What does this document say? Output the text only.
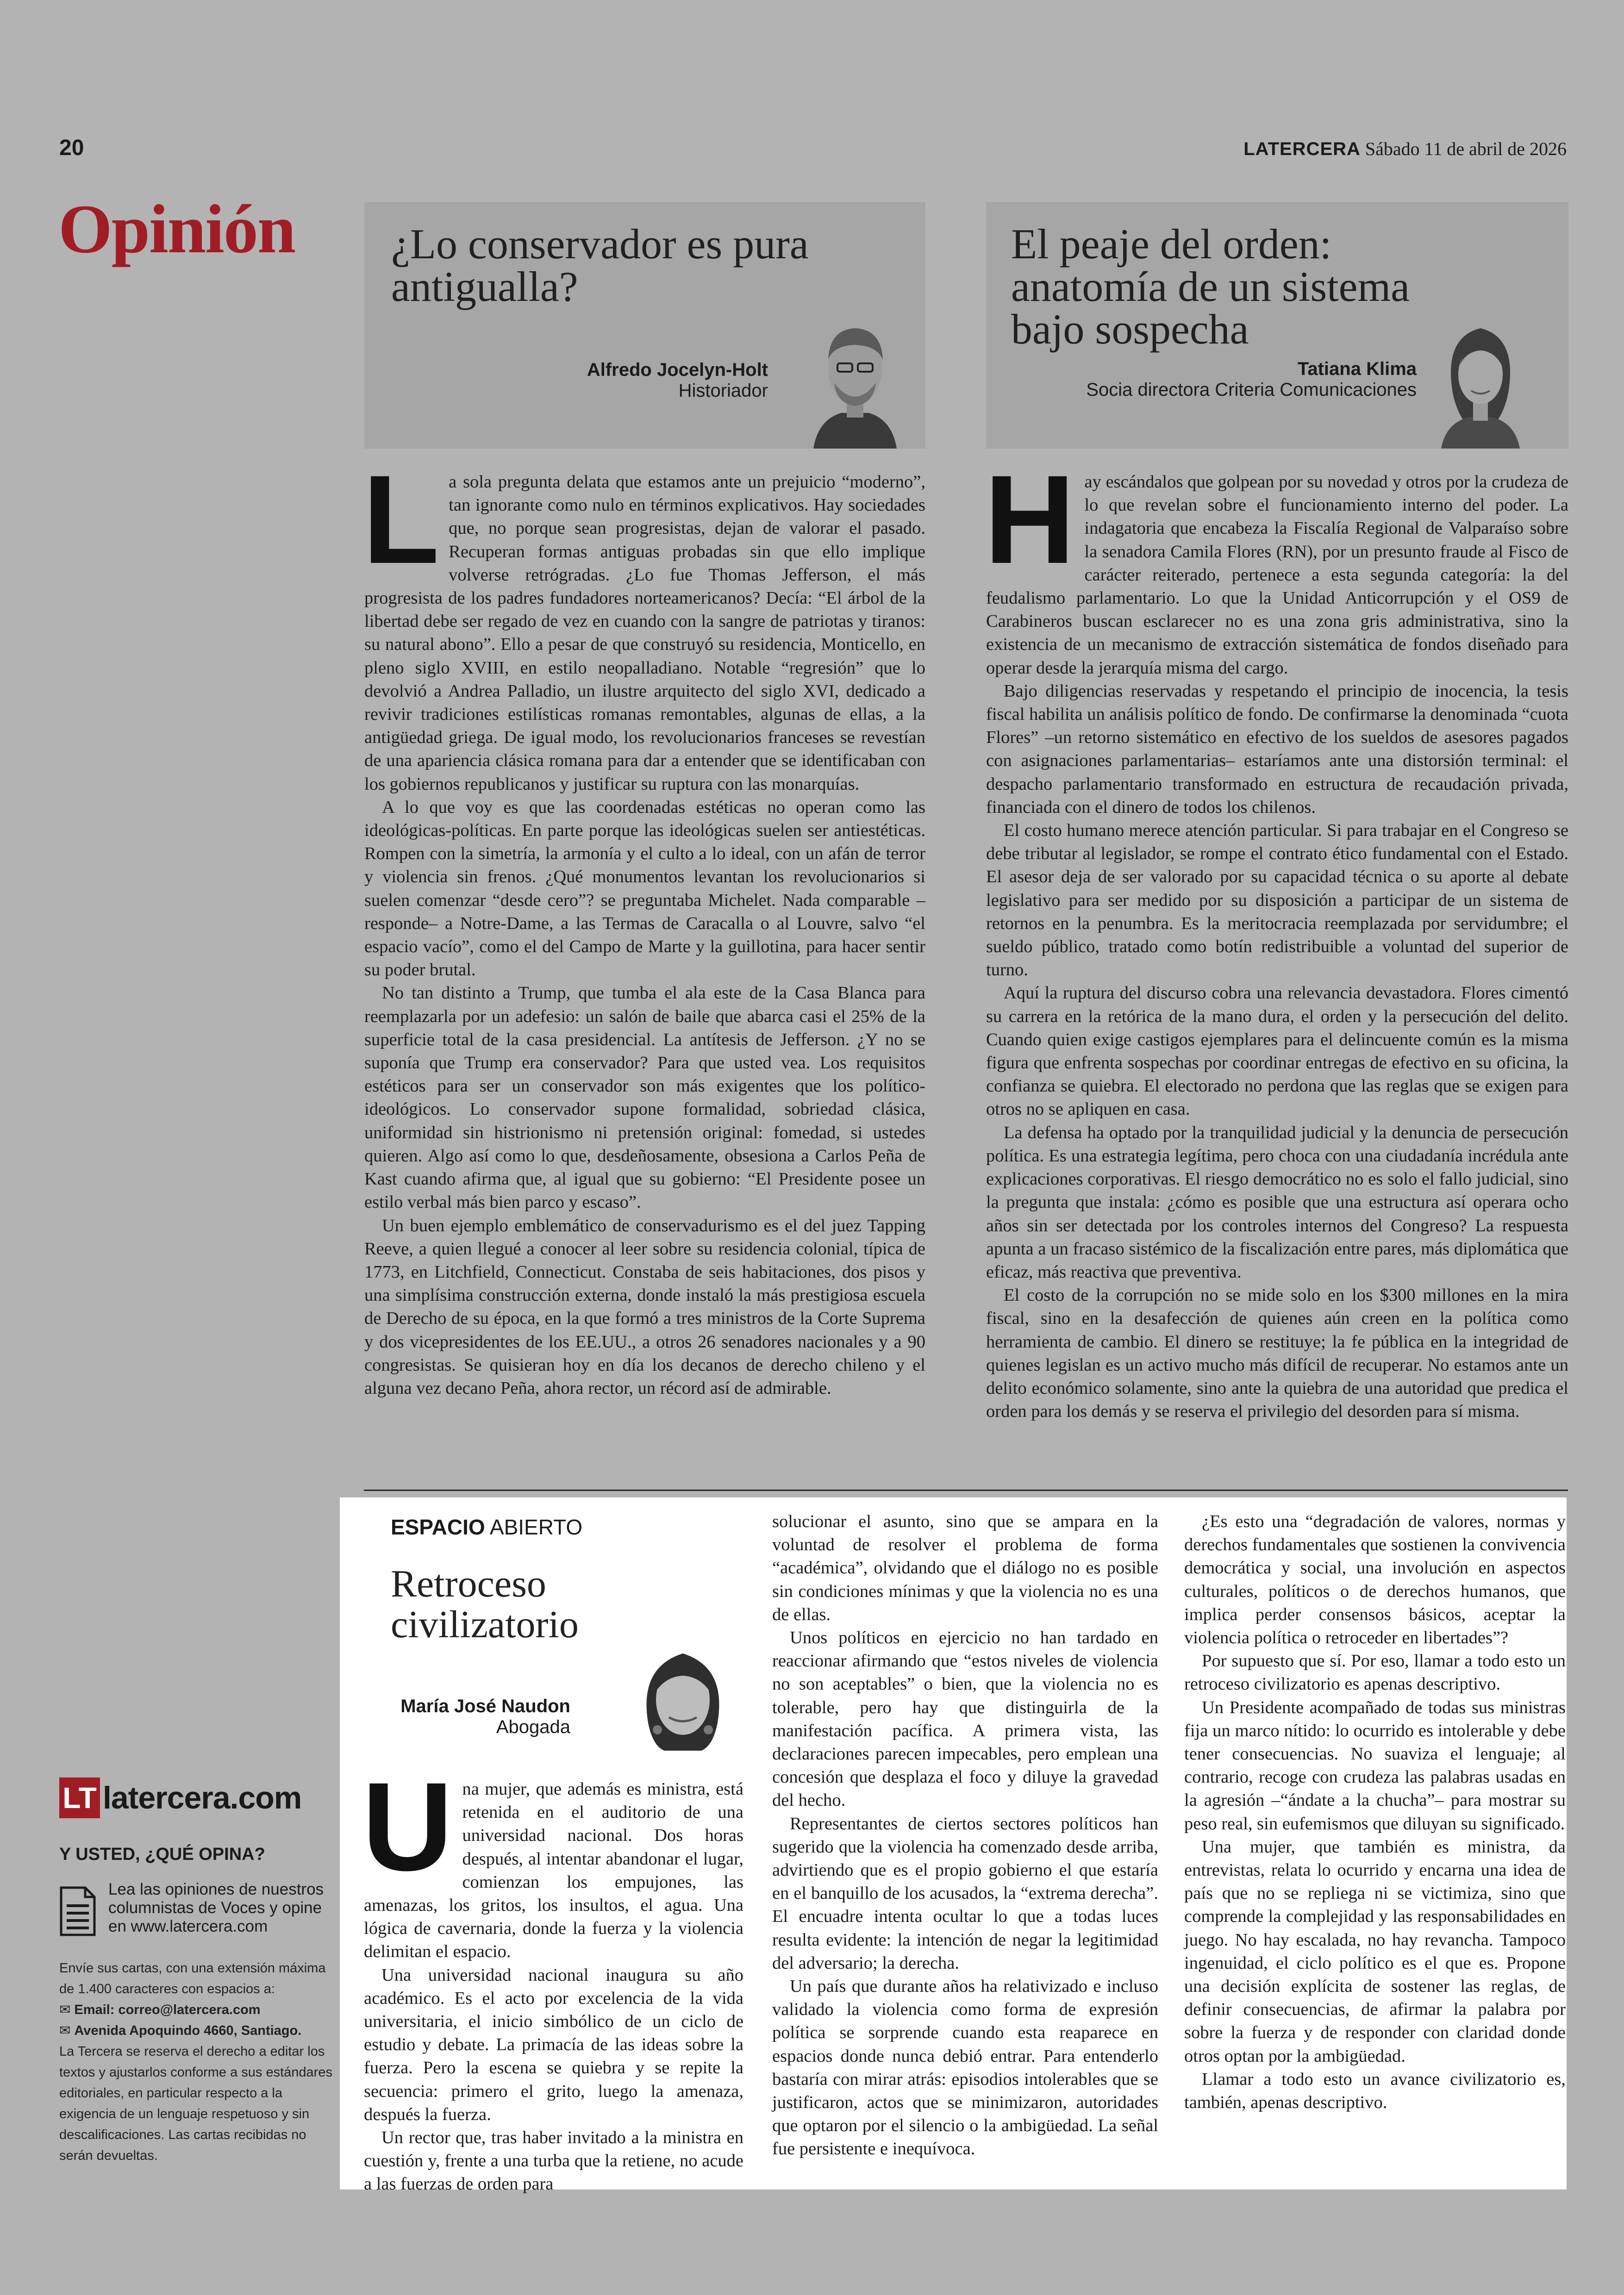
20	LATERCERA Sábado 11 de abril de 2026
Opinión ¿Lo conservador es pura
antigualla?
Alfredo Jocelyn-Holt
Historiador
El peaje del orden:
anatomía de un sistema
bajo sospecha
Tatiana Klima
Socia directora Criteria Comunicaciones
L a sola pregunta delata que estamos ante un prejuicio “moderno”, tan ignorante como nulo en términos explicativos. Hay sociedades que, no porque sean progresistas, dejan de valorar el pasado. Recuperan formas antiguas probadas sin que ello implique volverse retrógradas. ¿Lo fue Thomas Jefferson, el más progresista de los padres fundadores norteamericanos? Decía: “El árbol de la libertad debe ser regado de vez en cuando con la sangre de patriotas y tiranos: su natural abono”. Ello a pesar de que construyó su residencia, Monticello, en pleno siglo XVIII, en estilo neopalladiano. Notable “regresión” que lo devolvió a Andrea Palladio, un ilustre arquitecto del siglo XVI, dedicado a revivir tradiciones estilísticas romanas remontables, algunas de ellas, a la antigüedad griega. De igual modo, los revolucionarios franceses se revestían de una apariencia clásica romana para dar a entender que se identificaban con los gobiernos republicanos y justificar su ruptura con las monarquías.

A lo que voy es que las coordenadas estéticas no operan como las ideológicas-políticas. En parte porque las ideológicas suelen ser antiestéticas. Rompen con la simetría, la armonía y el culto a lo ideal, con un afán de terror y violencia sin frenos. ¿Qué monumentos levantan los revolucionarios si suelen comenzar “desde cero”? se preguntaba Michelet. Nada comparable –responde– a Notre-Dame, a las Termas de Caracalla o al Louvre, salvo “el espacio vacío”, como el del Campo de Marte y la guillotina, para hacer sentir su poder brutal.

No tan distinto a Trump, que tumba el ala este de la Casa Blanca para reemplazarla por un adefesio: un salón de baile que abarca casi el 25% de la superficie total de la casa presidencial. La antítesis de Jefferson. ¿Y no se suponía que Trump era conservador? Para que usted vea. Los requisitos estéticos para ser un conservador son más exigentes que los político-ideológicos. Lo conservador supone formalidad, sobriedad clásica, uniformidad sin histrionismo ni pretensión original: fomedad, si ustedes quieren. Algo así como lo que, desdeñosamente, obsesiona a Carlos Peña de Kast cuando afirma que, al igual que su gobierno: “El Presidente posee un estilo verbal más bien parco y escaso”.

Un buen ejemplo emblemático de conservadurismo es el del juez Tapping Reeve, a quien llegué a conocer al leer sobre su residencia colonial, típica de 1773, en Litchfield, Connecticut. Constaba de seis habitaciones, dos pisos y una simplísima construcción externa, donde instaló la más prestigiosa escuela de Derecho de su época, en la que formó a tres ministros de la Corte Suprema y dos vicepresidentes de los EE.UU., a otros 26 senadores nacionales y a 90 congresistas. Se quisieran hoy en día los decanos de derecho chileno y el alguna vez decano Peña, ahora rector, un récord así de admirable.

H ay escándalos que golpean por su novedad y otros por la crudeza de lo que revelan sobre el funcionamiento interno del poder. La indagatoria que encabeza la Fiscalía Regional de Valparaíso sobre la senadora Camila Flores (RN), por un presunto fraude al Fisco de carácter reiterado, pertenece a esta segunda categoría: la del feudalismo parlamentario. Lo que la Unidad Anticorrupción y el OS9 de Carabineros buscan esclarecer no es una zona gris administrativa, sino la existencia de un mecanismo de extracción sistemática de fondos diseñado para operar desde la jerarquía misma del cargo.

Bajo diligencias reservadas y respetando el principio de inocencia, la tesis fiscal habilita un análisis político de fondo. De confirmarse la denominada “cuota Flores” –un retorno sistemático en efectivo de los sueldos de asesores pagados con asignaciones parlamentarias– estaríamos ante una distorsión terminal: el despacho parlamentario transformado en estructura de recaudación privada, financiada con el dinero de todos los chilenos.

El costo humano merece atención particular. Si para trabajar en el Congreso se debe tributar al legislador, se rompe el contrato ético fundamental con el Estado. El asesor deja de ser valorado por su capacidad técnica o su aporte al debate legislativo para ser medido por su disposición a participar de un sistema de retornos en la penumbra. Es la meritocracia reemplazada por servidumbre; el sueldo público, tratado como botín redistribuible a voluntad del superior de turno.

Aquí la ruptura del discurso cobra una relevancia devastadora. Flores cimentó su carrera en la retórica de la mano dura, el orden y la persecución del delito. Cuando quien exige castigos ejemplares para el delincuente común es la misma figura que enfrenta sospechas por coordinar entregas de efectivo en su oficina, la confianza se quiebra. El electorado no perdona que las reglas que se exigen para otros no se apliquen en casa.

La defensa ha optado por la tranquilidad judicial y la denuncia de persecución política. Es una estrategia legítima, pero choca con una ciudadanía incrédula ante explicaciones corporativas. El riesgo democrático no es solo el fallo judicial, sino la pregunta que instala: ¿cómo es posible que una estructura así operara ocho años sin ser detectada por los controles internos del Congreso? La respuesta apunta a un fracaso sistémico de la fiscalización entre pares, más diplomática que eficaz, más reactiva que preventiva.

El costo de la corrupción no se mide solo en los $300 millones en la mira fiscal, sino en la desafección de quienes aún creen en la política como herramienta de cambio. El dinero se restituye; la fe pública en la integridad de quienes legislan es un activo mucho más difícil de recuperar. No estamos ante un delito económico solamente, sino ante la quiebra de una autoridad que predica el orden para los demás y se reserva el privilegio del desorden para sí misma.

ESPACIO ABIERTO
Retroceso
civilizatorio
María José Naudon
Abogada
U na mujer, que además es ministra, está retenida en el auditorio de una universidad nacional. Dos horas después, al intentar abandonar el lugar, comienzan los empujones, las amenazas, los gritos, los insultos, el agua. Una lógica de cavernaria, donde la fuerza y la violencia delimitan el espacio.

Una universidad nacional inaugura su año académico. Es el acto por excelencia de la vida universitaria, el inicio simbólico de un ciclo de estudio y debate. La primacía de las ideas sobre la fuerza. Pero la escena se quiebra y se repite la secuencia: primero el grito, luego la amenaza, después la fuerza.

Un rector que, tras haber invitado a la ministra en cuestión y, frente a una turba que la retiene, no acude a las fuerzas de orden para

solucionar el asunto, sino que se ampara en la voluntad de resolver el problema de forma “académica”, olvidando que el diálogo no es posible sin condiciones mínimas y que la violencia no es una de ellas.

Unos políticos en ejercicio no han tardado en reaccionar afirmando que “estos niveles de violencia no son aceptables” o bien, que la violencia no es tolerable, pero hay que distinguirla de la manifestación pacífica. A primera vista, las declaraciones parecen impecables, pero emplean una concesión que desplaza el foco y diluye la gravedad del hecho.

Representantes de ciertos sectores políticos han sugerido que la violencia ha comenzado desde arriba, advirtiendo que es el propio gobierno el que estaría en el banquillo de los acusados, la “extrema derecha”. El encuadre intenta ocultar lo que a todas luces resulta evidente: la intención de negar la legitimidad del adversario; la derecha.

Un país que durante años ha relativizado e incluso validado la violencia como forma de expresión política se sorprende cuando esta reaparece en espacios donde nunca debió entrar. Para entenderlo bastaría con mirar atrás: episodios intolerables que se justificaron, actos que se minimizaron, autoridades que optaron por el silencio o la ambigüedad. La señal fue persistente e inequívoca.

¿Es esto una “degradación de valores, normas y derechos fundamentales que sostienen la convivencia democrática y social, una involución en aspectos culturales, políticos o de derechos humanos, que implica perder consensos básicos, aceptar la violencia política o retroceder en libertades”?

Por supuesto que sí. Por eso, llamar a todo esto un retroceso civilizatorio es apenas descriptivo.

Un Presidente acompañado de todas sus ministras fija un marco nítido: lo ocurrido es intolerable y debe tener consecuencias. No suaviza el lenguaje; al contrario, recoge con crudeza las palabras usadas en la agresión –“ándate a la chucha”– para mostrar su peso real, sin eufemismos que diluyan su significado.

Una mujer, que también es ministra, da entrevistas, relata lo ocurrido y encarna una idea de país que no se repliega ni se victimiza, sino que comprende la complejidad y las responsabilidades en juego. No hay escalada, no hay revancha. Tampoco ingenuidad, el ciclo político es el que es. Propone una decisión explícita de sostener las reglas, de definir consecuencias, de afirmar la palabra por sobre la fuerza y de responder con claridad donde otros optan por la ambigüedad.

Llamar a todo esto un avance civilizatorio es, también, apenas descriptivo.

LT latercera.com
Y USTED, ¿QUÉ OPINA?
Lea las opiniones de nuestros columnistas de Voces y opine en www.latercera.com
Envíe sus cartas, con una extensión máxima de 1.400 caracteres con espacios a:
✉ Email: correo@latercera.com
✉ Avenida Apoquindo 4660, Santiago.
La Tercera se reserva el derecho a editar los textos y ajustarlos conforme a sus estándares editoriales, en particular respecto a la exigencia de un lenguaje respetuoso y sin descalificaciones. Las cartas recibidas no serán devueltas.
